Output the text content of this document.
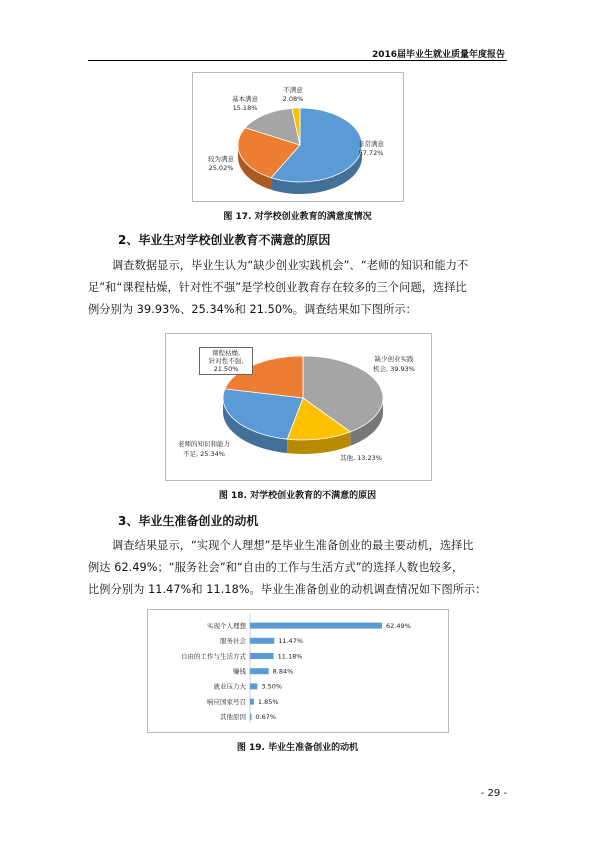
2016届毕业生就业质量年度报告
非常满意
57.72%
较为满意
25.02%
基本满意
15.18%
不满意
2.08%
图 17. 对学校创业教育的满意度情况
2、毕业生对学校创业教育不满意的原因
调查数据显示，毕业生认为“缺少创业实践机会”、“老师的知识和能力不
足”和“课程枯燥，针对性不强”是学校创业教育存在较多的三个问题，选择比
例分别为 39.93%、25.34%和 21.50%。调查结果如下图所示：
缺少创业实践
机会, 39.93%
其他, 13.23%
老师的知识和能力
不足, 25.34%
课程枯燥,
针对性不强,
21.50%
图 18. 对学校创业教育的不满意的原因
3、毕业生准备创业的动机
调查结果显示，“实现个人理想”是毕业生准备创业的最主要动机，选择比
例达 62.49%；“服务社会”和“自由的工作与生活方式”的选择人数也较多，
比例分别为 11.47%和 11.18%。毕业生准备创业的动机调查情况如下图所示：
实现个人理想	62.49%
服务社会	11.47%
自由的工作与生活方式	11.18%
赚钱	8.84%
就业压力大 3.50%
响应国家号召 1.85%
其他原因 0.67%
图 19. 毕业生准备创业的动机
- 29 -
